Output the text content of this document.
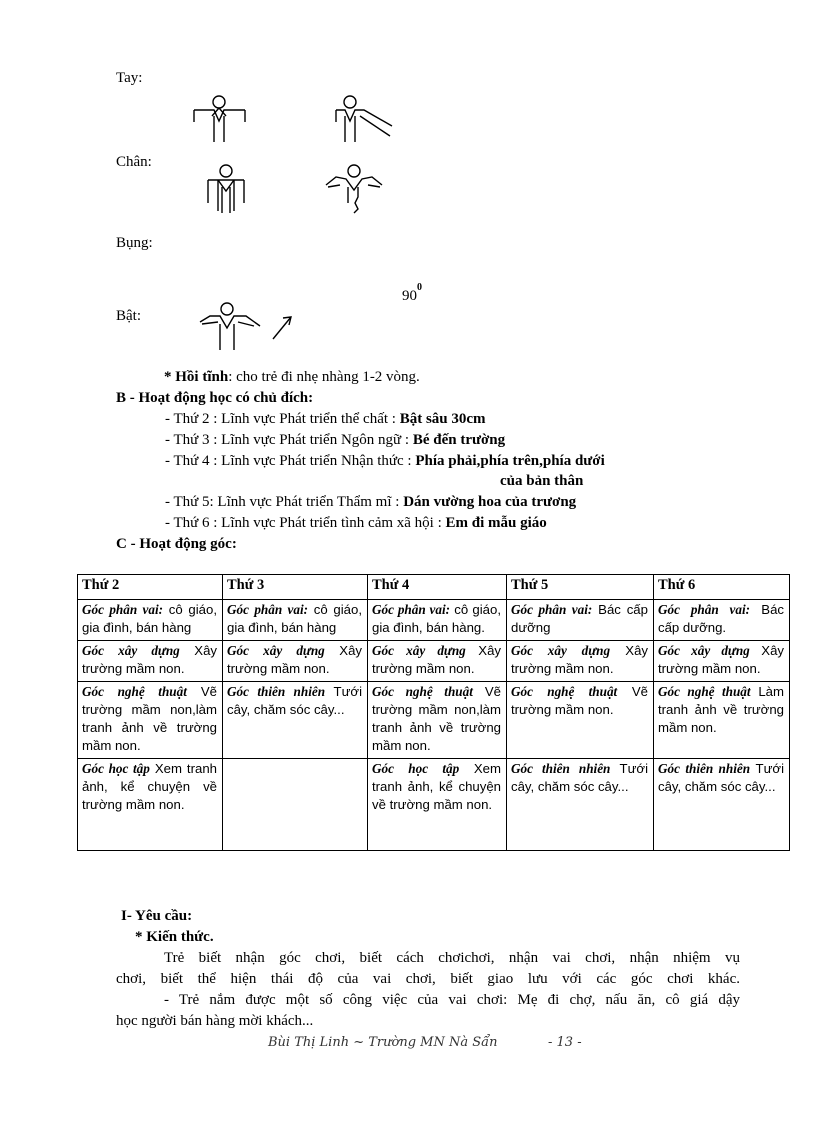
Tay:
Chân:
Bụng:
Bật:
$90^0$
* Hồi tĩnh: cho trẻ đi nhẹ nhàng 1-2 vòng.
B - Hoạt động học có chủ đích:
- Thứ 2 : Lĩnh vực Phát triển thể chất : Bật sâu 30cm
- Thứ 3 : Lĩnh vực Phát triển Ngôn ngữ : Bé đến trường
- Thứ 4 : Lĩnh vực Phát triển Nhận thức : Phía phải,phía trên,phía dưới
của bản thân
- Thứ 5: Lĩnh vực Phát triển Thẩm mĩ : Dán vường hoa của trương
- Thứ 6 : Lĩnh vực Phát triển tình cảm xã hội : Em đi mẫu giáo
C - Hoạt động góc:
Thứ 2	Thứ 3	Thứ 4	Thứ 5	Thứ 6
Góc phân vai: cô giáo, gia đình, bán hàng	Góc phân vai: cô giáo, gia đình, bán hàng	Góc phân vai: cô giáo, gia đình, bán hàng.	Góc phân vai: Bác cấp dưỡng	Góc phân vai: Bác cấp dưỡng.
Góc xây dựng Xây trường mầm non.	Góc xây dựng Xây trường mầm non.	Góc xây dựng Xây trường mầm non.	Góc xây dựng Xây trường mầm non.	Góc xây dựng Xây trường mầm non.
Góc nghệ thuật Vẽ trường mầm non,làm tranh ảnh về trường mầm non.	Góc thiên nhiên Tưới cây, chăm sóc cây...	Góc nghệ thuật Vẽ trường mầm non,làm tranh ảnh về trường mầm non.	Góc nghệ thuật Vẽ trường mầm non.	Góc nghệ thuật Làm tranh ảnh về trường mầm non.
Góc học tập Xem tranh ảnh, kể chuyện về trường mầm non.		Góc học tập Xem tranh ảnh, kể chuyện về trường mầm non.	Góc thiên nhiên Tưới cây, chăm sóc cây...	Góc thiên nhiên Tưới cây, chăm sóc cây...
I- Yêu cầu:
* Kiến thức.
Trẻ biết nhận góc chơi, biết cách chơichơi, nhận vai chơi, nhận nhiệm vụ
chơi, biết thể hiện thái độ của vai chơi, biết giao lưu với các góc chơi khác.
- Trẻ nắm được một số công việc của vai chơi: Mẹ đi chợ, nấu ăn, cô giá dậy
học người bán hàng mời khách...
Bùi Thị Linh ~ Trường MN Nà Sẩn	- 13 -
